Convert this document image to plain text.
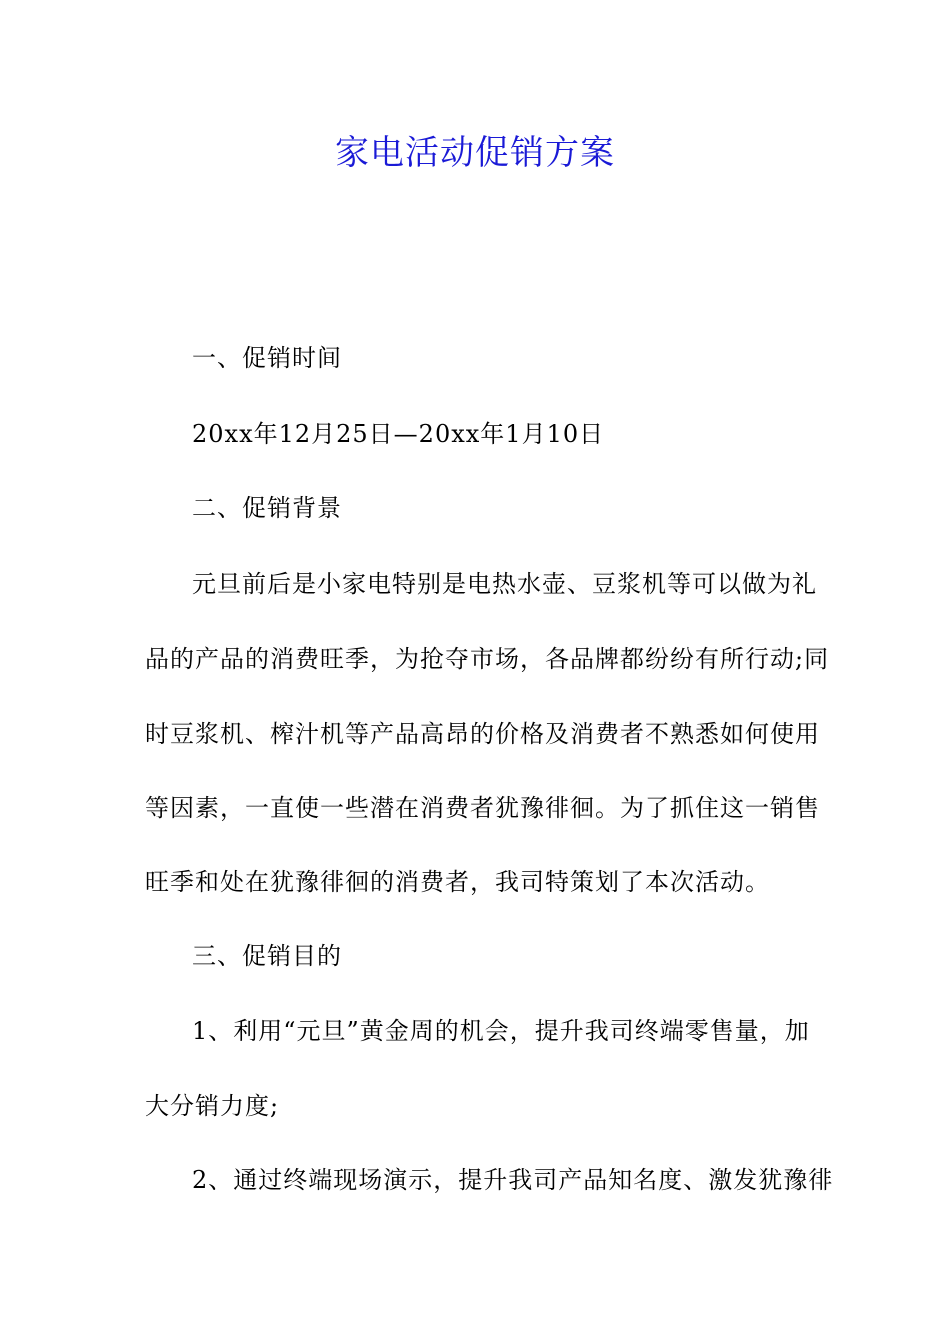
家电活动促销方案
一、促销时间
20xx年12月25日—20xx年1月10日
二、促销背景
元旦前后是小家电特别是电热水壶、豆浆机等可以做为礼
品的产品的消费旺季，为抢夺市场，各品牌都纷纷有所行动;同
时豆浆机、榨汁机等产品高昂的价格及消费者不熟悉如何使用
等因素，一直使一些潜在消费者犹豫徘徊。为了抓住这一销售
旺季和处在犹豫徘徊的消费者，我司特策划了本次活动。
三、促销目的
1、利用“元旦”黄金周的机会，提升我司终端零售量，加
大分销力度;
2、通过终端现场演示，提升我司产品知名度、激发犹豫徘
